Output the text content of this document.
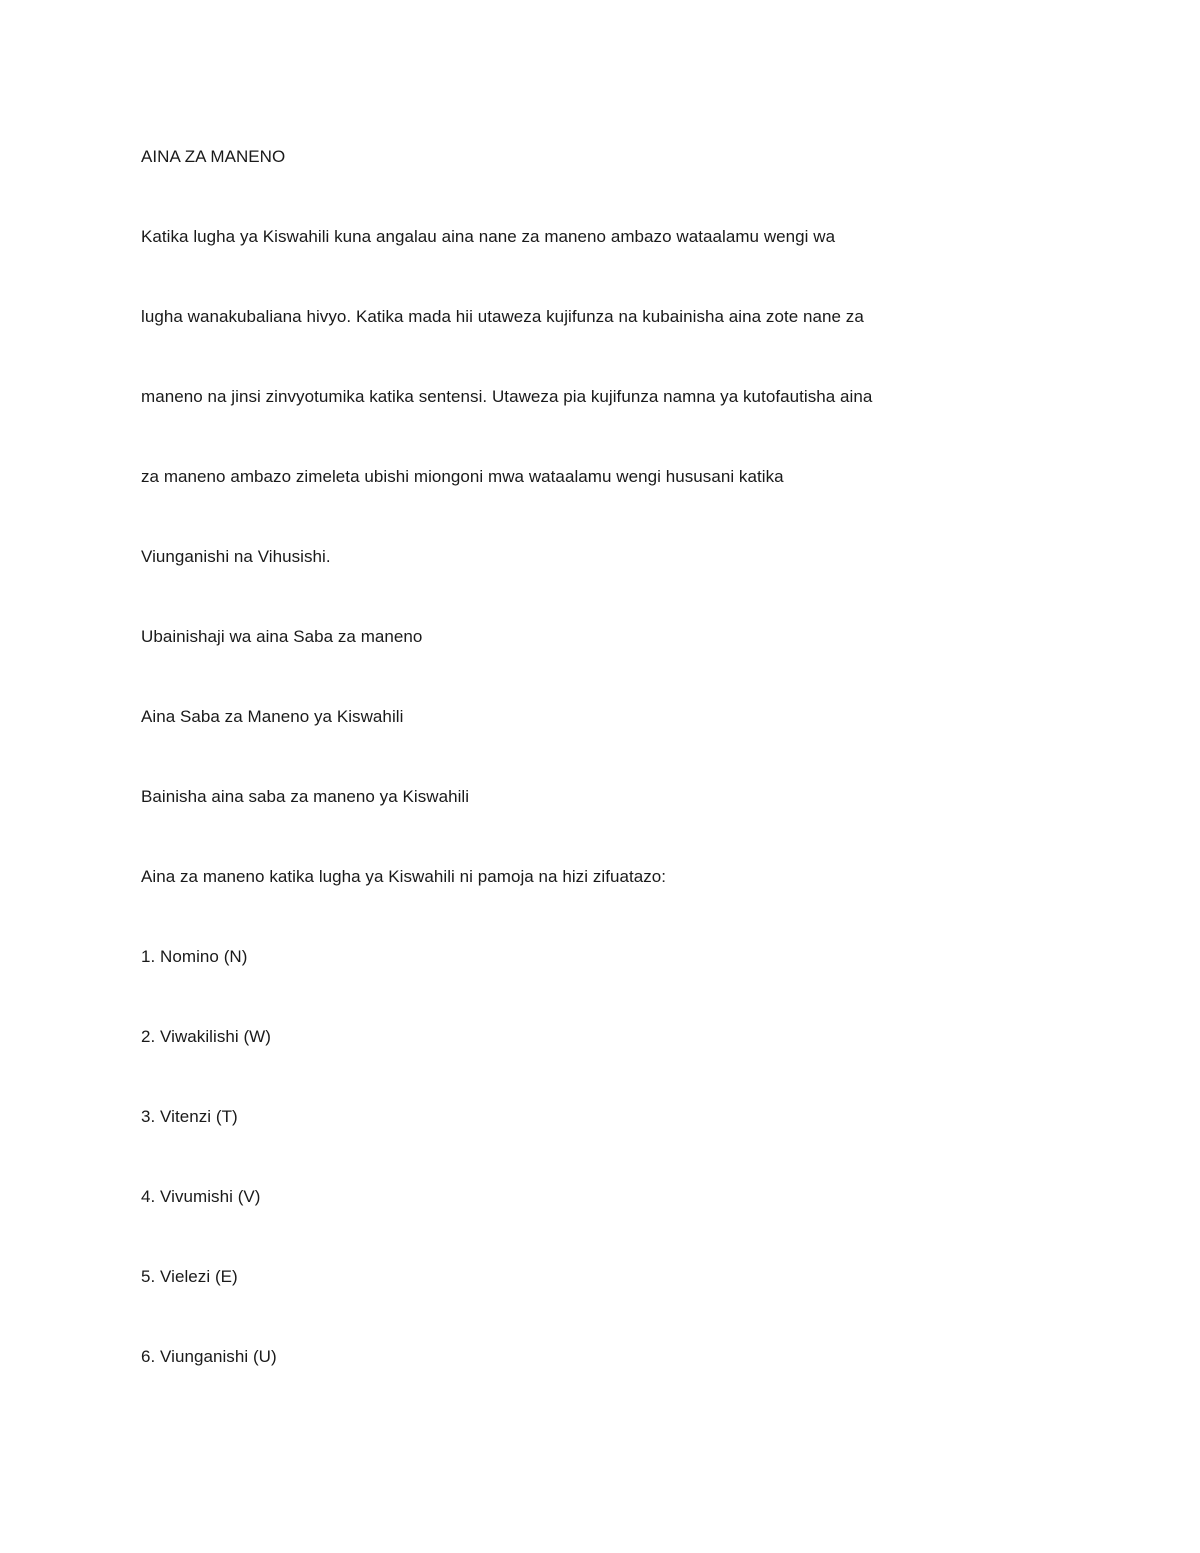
AINA ZA MANENO
Katika lugha ya Kiswahili kuna angalau aina nane za maneno ambazo wataalamu wengi wa
lugha wanakubaliana hivyo. Katika mada hii utaweza kujifunza na kubainisha aina zote nane za
maneno na jinsi zinvyotumika katika sentensi. Utaweza pia kujifunza namna ya kutofautisha aina
za maneno ambazo zimeleta ubishi miongoni mwa wataalamu wengi hususani katika
Viunganishi na Vihusishi.
Ubainishaji wa aina Saba za maneno
Aina Saba za Maneno ya Kiswahili
Bainisha aina saba za maneno ya Kiswahili
Aina za maneno katika lugha ya Kiswahili ni pamoja na hizi zifuatazo:
1. Nomino (N)
2. Viwakilishi (W)
3. Vitenzi (T)
4. Vivumishi (V)
5. Vielezi (E)
6. Viunganishi (U)
